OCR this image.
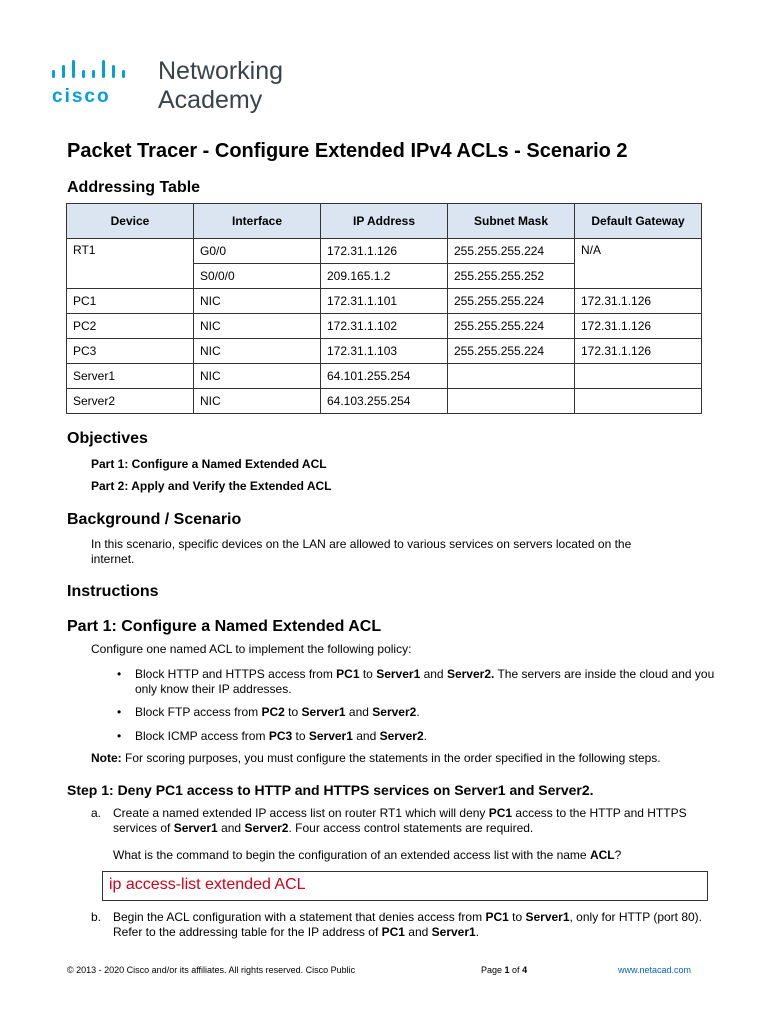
cisco
Networking
Academy
Packet Tracer - Configure Extended IPv4 ACLs - Scenario 2
Addressing Table
Device	Interface	IP Address	Subnet Mask	Default Gateway
RT1	G0/0	172.31.1.126	255.255.255.224	N/A
	S0/0/0	209.165.1.2	255.255.255.252	
PC1	NIC	172.31.1.101	255.255.255.224	172.31.1.126
PC2	NIC	172.31.1.102	255.255.255.224	172.31.1.126
PC3	NIC	172.31.1.103	255.255.255.224	172.31.1.126
Server1	NIC	64.101.255.254		
Server2	NIC	64.103.255.254		
Objectives

Part 1: Configure a Named Extended ACL

Part 2: Apply and Verify the Extended ACL

Background / Scenario

In this scenario, specific devices on the LAN are allowed to various services on servers located on the internet.

Instructions
Part 1: Configure a Named Extended ACL

Configure one named ACL to implement the following policy:

• Block HTTP and HTTPS access from PC1 to Server1 and Server2. The servers are inside the cloud and you only know their IP addresses.

• Block FTP access from PC2 to Server1 and Server2.

• Block ICMP access from PC3 to Server1 and Server2.

Note: For scoring purposes, you must configure the statements in the order specified in the following steps.

Step 1: Deny PC1 access to HTTP and HTTPS services on Server1 and Server2.
a. Create a named extended IP access list on router RT1 which will deny PC1 access to the HTTP and HTTPS services of Server1 and Server2. Four access control statements are required.

What is the command to begin the configuration of an extended access list with the name ACL?

ip access-list extended ACL
b. Begin the ACL configuration with a statement that denies access from PC1 to Server1, only for HTTP (port 80). Refer to the addressing table for the IP address of PC1 and Server1.

© 2013 - 2020 Cisco and/or its affiliates. All rights reserved. Cisco Public	Page 1 of 4	www.netacad.com
